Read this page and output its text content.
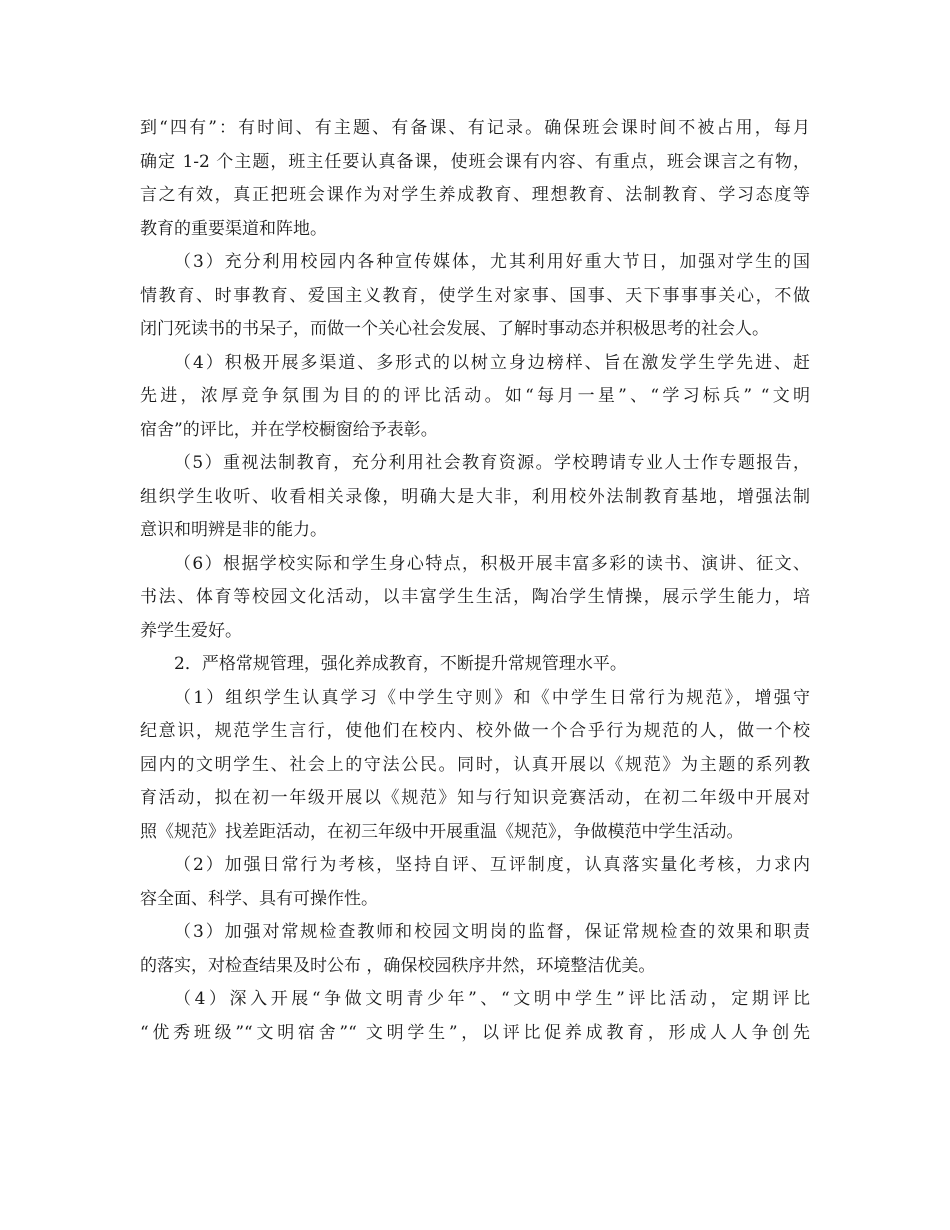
到“四有”：有时间、有主题、有备课、有记录。确保班会课时间不被占用，每月
确定 1-2 个主题，班主任要认真备课，使班会课有内容、有重点，班会课言之有物，
言之有效，真正把班会课作为对学生养成教育、理想教育、法制教育、学习态度等
教育的重要渠道和阵地。
（3）充分利用校园内各种宣传媒体，尤其利用好重大节日，加强对学生的国
情教育、时事教育、爱国主义教育，使学生对家事、国事、天下事事事关心，不做
闭门死读书的书呆子，而做一个关心社会发展、了解时事动态并积极思考的社会人。
（4）积极开展多渠道、多形式的以树立身边榜样、旨在激发学生学先进、赶
先进，浓厚竞争氛围为目的的评比活动。如“每月一星”、“学习标兵” “文明
宿舍”的评比，并在学校橱窗给予表彰。
（5）重视法制教育，充分利用社会教育资源。学校聘请专业人士作专题报告，
组织学生收听、收看相关录像，明确大是大非，利用校外法制教育基地，增强法制
意识和明辨是非的能力。
（6）根据学校实际和学生身心特点，积极开展丰富多彩的读书、演讲、征文、
书法、体育等校园文化活动，以丰富学生生活，陶冶学生情操，展示学生能力，培
养学生爱好。
2．严格常规管理，强化养成教育，不断提升常规管理水平。
（1）组织学生认真学习《中学生守则》和《中学生日常行为规范》，增强守
纪意识，规范学生言行，使他们在校内、校外做一个合乎行为规范的人，做一个校
园内的文明学生、社会上的守法公民。同时，认真开展以《规范》为主题的系列教
育活动，拟在初一年级开展以《规范》知与行知识竞赛活动，在初二年级中开展对
照《规范》找差距活动，在初三年级中开展重温《规范》，争做模范中学生活动。
（2）加强日常行为考核，坚持自评、互评制度，认真落实量化考核，力求内
容全面、科学、具有可操作性。
（3）加强对常规检查教师和校园文明岗的监督，保证常规检查的效果和职责
的落实，对检查结果及时公布 ，确保校园秩序井然，环境整洁优美。
（4）深入开展“争做文明青少年”、“文明中学生”评比活动，定期评比
“优秀班级”“文明宿舍”“ 文明学生”，以评比促养成教育，形成人人争创先
